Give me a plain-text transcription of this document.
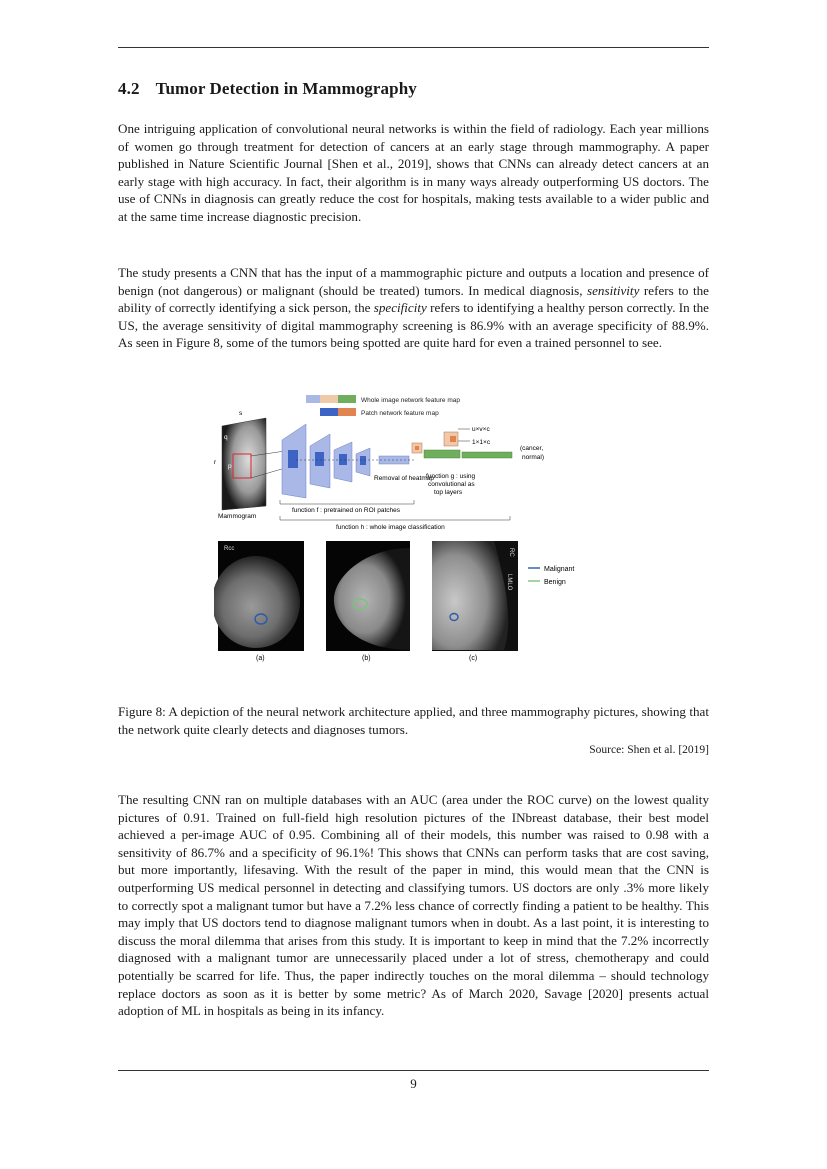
4.2 Tumor Detection in Mammography
One intriguing application of convolutional neural networks is within the field of radiology. Each year millions of women go through treatment for detection of cancers at an early stage through mammography. A paper published in Nature Scientific Journal [Shen et al., 2019], shows that CNNs can already detect cancers at an early stage with high accuracy. In fact, their algorithm is in many ways already outperforming US doctors. The use of CNNs in diagnosis can greatly reduce the cost for hospitals, making tests available to a wider public and at the same time increase diagnostic precision.
The study presents a CNN that has the input of a mammographic picture and outputs a location and presence of benign (not dangerous) or malignant (should be treated) tumors. In medical diagnosis, sensitivity refers to the ability of correctly identifying a sick person, the specificity refers to identifying a healthy person correctly. In the US, the average sensitivity of digital mammography screening is 86.9% with an average specificity of 88.9%. As seen in Figure 8, some of the tumors being spotted are quite hard for even a trained personnel to see.
Whole image network feature map
Patch network feature map
s
q
p
r
Mammogram
Removal of heatmap
u×v×c
1×1×c
(cancer,
normal)
function g : using
convolutional as
top layers
function f : pretrained on ROI patches
function h : whole image classification
Rcc
(a)	(b)
RC
LMLO
(c)
Malignant
Benign
Figure 8: A depiction of the neural network architecture applied, and three mammography pictures, showing that the network quite clearly detects and diagnoses tumors.
Source: Shen et al. [2019]
The resulting CNN ran on multiple databases with an AUC (area under the ROC curve) on the lowest quality pictures of 0.91. Trained on full-field high resolution pictures of the INbreast database, their best model achieved a per-image AUC of 0.95. Combining all of their models, this number was raised to 0.98 with a sensitivity of 86.7% and a specificity of 96.1%! This shows that CNNs can perform tasks that are cost saving, but more importantly, lifesaving. With the result of the paper in mind, this would mean that the CNN is outperforming US medical personnel in detecting and classifying tumors. US doctors are only .3% more likely to correctly spot a malignant tumor but have a 7.2% less chance of correctly finding a patient to be healthy. This may imply that US doctors tend to diagnose malignant tumors when in doubt. As a last point, it is interesting to discuss the moral dilemma that arises from this study. It is important to keep in mind that the 7.2% incorrectly diagnosed with a malignant tumor are unnecessarily placed under a lot of stress, chemotherapy and could potentially be scarred for life. Thus, the paper indirectly touches on the moral dilemma – should technology replace doctors as soon as it is better by some metric? As of March 2020, Savage [2020] presents actual adoption of ML in hospitals as being in its infancy.
9
